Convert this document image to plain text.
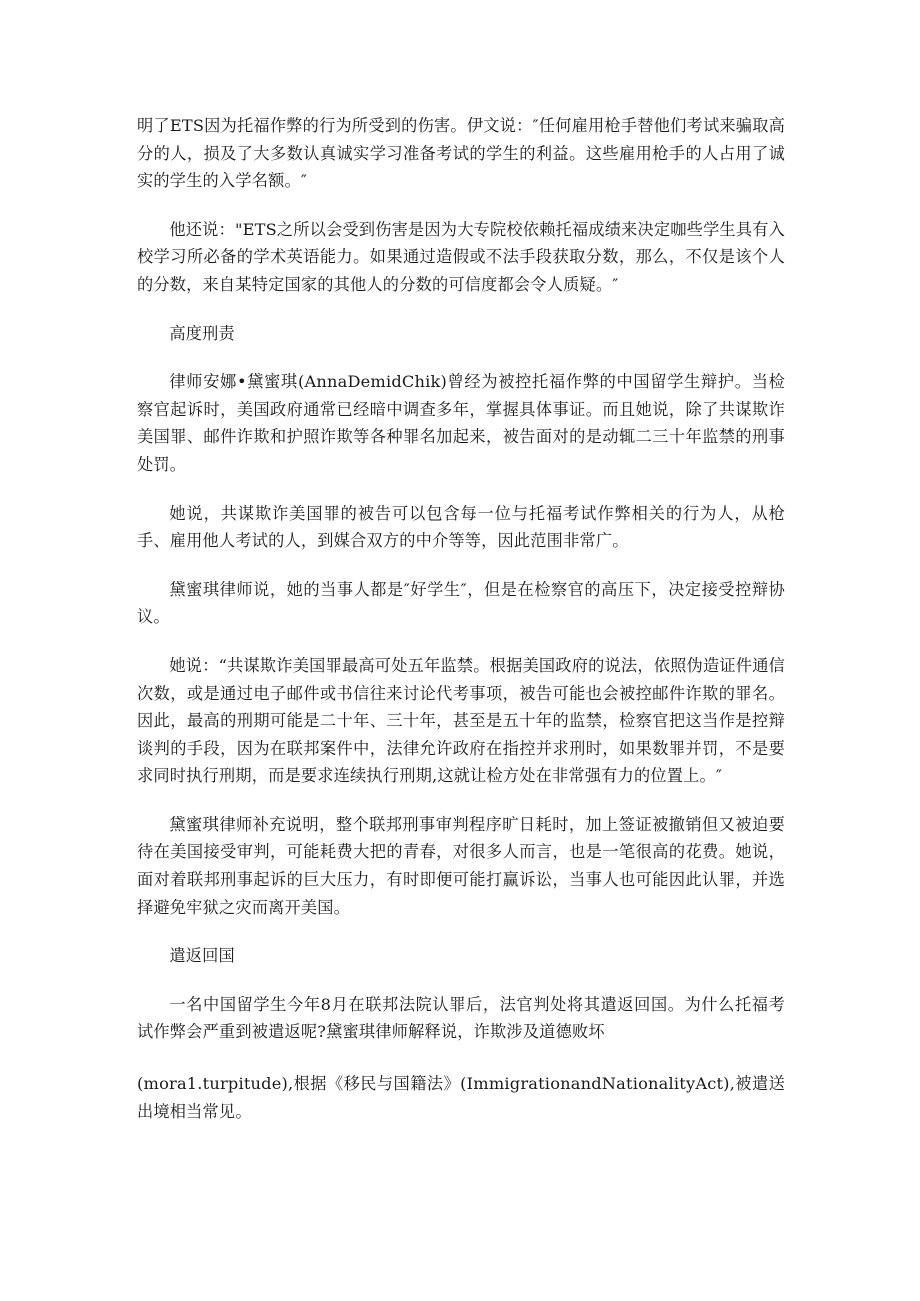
明了ETS因为托福作弊的行为所受到的伤害。伊文说：″任何雇用枪手替他们考试来骗取高分的人，损及了大多数认真诚实学习准备考试的学生的利益。这些雇用枪手的人占用了诚实的学生的入学名额。″

他还说："ETS之所以会受到伤害是因为大专院校依赖托福成绩来决定咖些学生具有入校学习所必备的学术英语能力。如果通过造假或不法手段获取分数，那么，不仅是该个人的分数，来自某特定国家的其他人的分数的可信度都会令人质疑。″

高度刑责

律师安娜•黛蜜琪(AnnaDemidChik)曾经为被控托福作弊的中国留学生辩护。当检察官起诉时，美国政府通常已经暗中调查多年，掌握具体事证。而且她说，除了共谋欺诈美国罪、邮件诈欺和护照诈欺等各种罪名加起来，被告面对的是动辄二三十年监禁的刑事处罚。

她说，共谋欺诈美国罪的被告可以包含每一位与托福考试作弊相关的行为人，从枪手、雇用他人考试的人，到媒合双方的中介等等，因此范围非常广。

黛蜜琪律师说，她的当事人都是″好学生″，但是在检察官的高压下，决定接受控辩协议。

她说：“共谋欺诈美国罪最高可处五年监禁。根据美国政府的说法，依照伪造证件通信次数，或是通过电子邮件或书信往来讨论代考事项，被告可能也会被控邮件诈欺的罪名。因此，最高的刑期可能是二十年、三十年，甚至是五十年的监禁，检察官把这当作是控辩谈判的手段，因为在联邦案件中，法律允许政府在指控并求刑时，如果数罪并罚，不是要求同时执行刑期，而是要求连续执行刑期,这就让检方处在非常强有力的位置上。″

黛蜜琪律师补充说明，整个联邦刑事审判程序旷日耗时，加上签证被撤销但又被迫要待在美国接受审判，可能耗费大把的青春，对很多人而言，也是一笔很高的花费。她说，面对着联邦刑事起诉的巨大压力，有时即便可能打赢诉讼，当事人也可能因此认罪，并选择避免牢狱之灾而离开美国。

遣返回国

一名中国留学生今年8月在联邦法院认罪后，法官判处将其遣返回国。为什么托福考试作弊会严重到被遣返呢?黛蜜琪律师解释说，诈欺涉及道德败坏

(mora1.turpitude),根据《移民与国籍法》(ImmigrationandNationalityAct),被遣送出境相当常见。
